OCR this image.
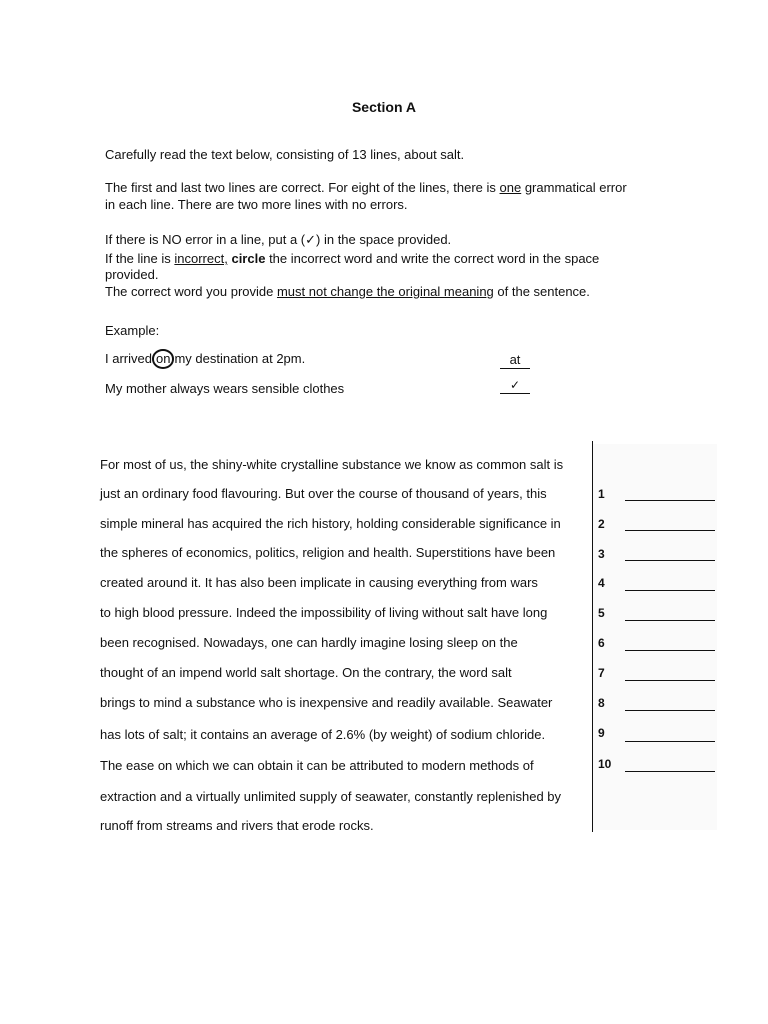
Section A
Carefully read the text below, consisting of 13 lines, about salt.
The first and last two lines are correct. For eight of the lines, there is one grammatical error
in each line. There are two more lines with no errors.
If there is NO error in a line, put a (✓) in the space provided.
If the line is incorrect, circle the incorrect word and write the correct word in the space
provided.
The correct word you provide must not change the original meaning of the sentence.
Example:
I arrived on my destination at 2pm.	at
My mother always wears sensible clothes	✓
For most of us, the shiny-white crystalline substance we know as common salt is
just an ordinary food flavouring. But over the course of thousand of years, this
simple mineral has acquired the rich history, holding considerable significance in
the spheres of economics, politics, religion and health. Superstitions have been
created around it. It has also been implicate in causing everything from wars
to high blood pressure. Indeed the impossibility of living without salt have long
been recognised. Nowadays, one can hardly imagine losing sleep on the
thought of an impend world salt shortage. On the contrary, the word salt
brings to mind a substance who is inexpensive and readily available. Seawater
has lots of salt; it contains an average of 2.6% (by weight) of sodium chloride.
The ease on which we can obtain it can be attributed to modern methods of
extraction and a virtually unlimited supply of seawater, constantly replenished by
runoff from streams and rivers that erode rocks.
1
2
3
4
5
6
7
8
9
10
